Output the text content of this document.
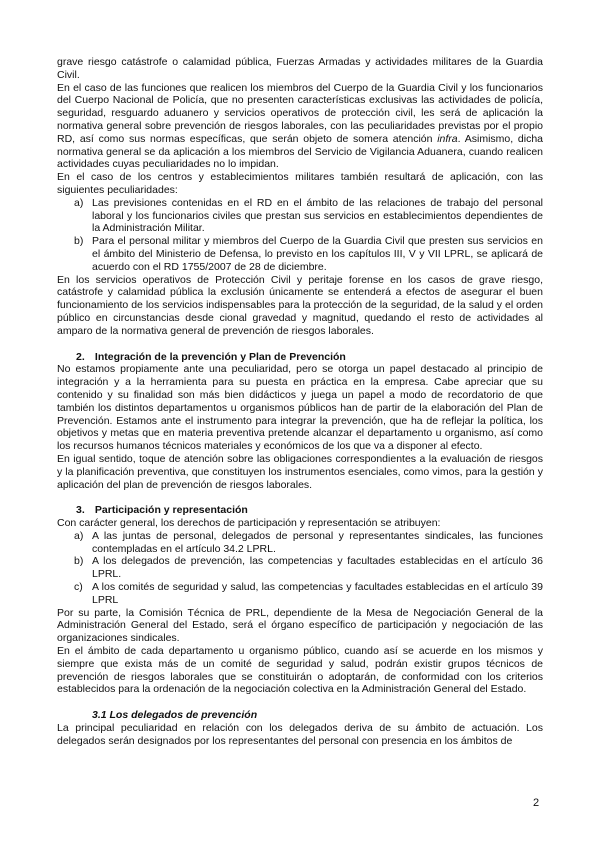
grave riesgo catástrofe o calamidad pública, Fuerzas Armadas y actividades militares de la Guardia Civil.

En el caso de las funciones que realicen los miembros del Cuerpo de la Guardia Civil y los funcionarios del Cuerpo Nacional de Policía, que no presenten características exclusivas las actividades de policía, seguridad, resguardo aduanero y servicios operativos de protección civil, les será de aplicación la normativa general sobre prevención de riesgos laborales, con las peculiaridades previstas por el propio RD, así como sus normas específicas, que serán objeto de somera atención infra. Asimismo, dicha normativa general se da aplicación a los miembros del Servicio de Vigilancia Aduanera, cuando realicen actividades cuyas peculiaridades no lo impidan.

En el caso de los centros y establecimientos militares también resultará de aplicación, con las siguientes peculiaridades:

a) Las previsiones contenidas en el RD en el ámbito de las relaciones de trabajo del personal laboral y los funcionarios civiles que prestan sus servicios en establecimientos dependientes de la Administración Militar.
b) Para el personal militar y miembros del Cuerpo de la Guardia Civil que presten sus servicios en el ámbito del Ministerio de Defensa, lo previsto en los capítulos III, V y VII LPRL, se aplicará de acuerdo con el RD 1755/2007 de 28 de diciembre.

En los servicios operativos de Protección Civil y peritaje forense en los casos de grave riesgo, catástrofe y calamidad pública la exclusión únicamente se entenderá a efectos de asegurar el buen funcionamiento de los servicios indispensables para la protección de la seguridad, de la salud y el orden público en circunstancias desde cional gravedad y magnitud, quedando el resto de actividades al amparo de la normativa general de prevención de riesgos laborales.

2. Integración de la prevención y Plan de Prevención

No estamos propiamente ante una peculiaridad, pero se otorga un papel destacado al principio de integración y a la herramienta para su puesta en práctica en la empresa. Cabe apreciar que su contenido y su finalidad son más bien didácticos y juega un papel a modo de recordatorio de que también los distintos departamentos u organismos públicos han de partir de la elaboración del Plan de Prevención. Estamos ante el instrumento para integrar la prevención, que ha de reflejar la política, los objetivos y metas que en materia preventiva pretende alcanzar el departamento u organismo, así como los recursos humanos técnicos materiales y económicos de los que va a disponer al efecto.

En igual sentido, toque de atención sobre las obligaciones correspondientes a la evaluación de riesgos y la planificación preventiva, que constituyen los instrumentos esenciales, como vimos, para la gestión y aplicación del plan de prevención de riesgos laborales.

3. Participación y representación

Con carácter general, los derechos de participación y representación se atribuyen:

a) A las juntas de personal, delegados de personal y representantes sindicales, las funciones contempladas en el artículo 34.2 LPRL.
b) A los delegados de prevención, las competencias y facultades establecidas en el artículo 36 LPRL.
c) A los comités de seguridad y salud, las competencias y facultades establecidas en el artículo 39 LPRL

Por su parte, la Comisión Técnica de PRL, dependiente de la Mesa de Negociación General de la Administración General del Estado, será el órgano específico de participación y negociación de las organizaciones sindicales.

En el ámbito de cada departamento u organismo público, cuando así se acuerde en los mismos y siempre que exista más de un comité de seguridad y salud, podrán existir grupos técnicos de prevención de riesgos laborales que se constituirán o adoptarán, de conformidad con los criterios establecidos para la ordenación de la negociación colectiva en la Administración General del Estado.

3.1 Los delegados de prevención

La principal peculiaridad en relación con los delegados deriva de su ámbito de actuación. Los delegados serán designados por los representantes del personal con presencia en los ámbitos de

2
